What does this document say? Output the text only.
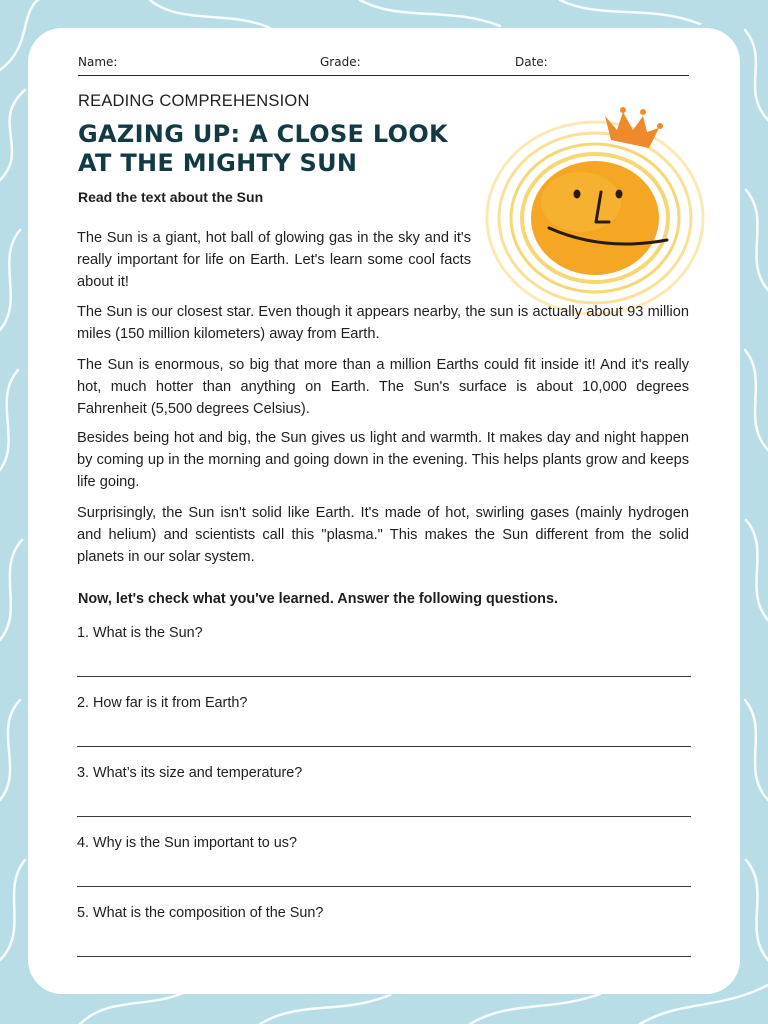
Name:	Grade:	Date:
READING COMPREHENSION
GAZING UP: A CLOSE LOOK
AT THE MIGHTY SUN
Read the text about the Sun
The Sun is a giant, hot ball of glowing gas in the sky and it's really important for life on Earth. Let's learn some cool facts about it!
The Sun is our closest star. Even though it appears nearby, the sun is actually about 93 million miles (150 million kilometers) away from Earth.
The Sun is enormous, so big that more than a million Earths could fit inside it! And it's really hot, much hotter than anything on Earth. The Sun's surface is about 10,000 degrees Fahrenheit (5,500 degrees Celsius).
Besides being hot and big, the Sun gives us light and warmth. It makes day and night happen by coming up in the morning and going down in the evening. This helps plants grow and keeps life going.
Surprisingly, the Sun isn't solid like Earth. It's made of hot, swirling gases (mainly hydrogen and helium) and scientists call this "plasma." This makes the Sun different from the solid planets in our solar system.
Now, let's check what you've learned. Answer the following questions.
1. What is the Sun?
2. How far is it from Earth?
3. What’s its size and temperature?
4. Why is the Sun important to us?
5. What is the composition of the Sun?
